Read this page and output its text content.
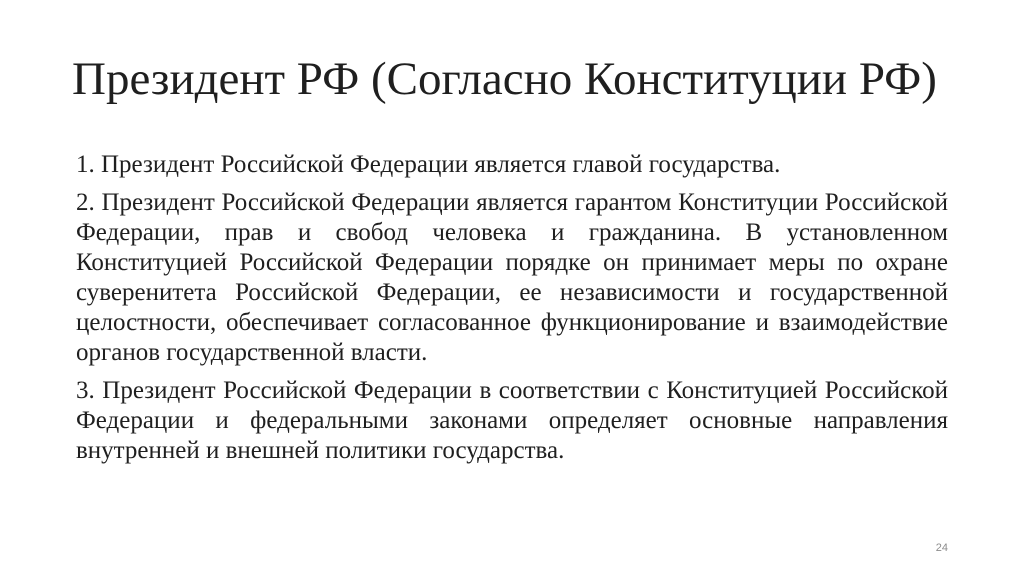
Президент РФ (Согласно Конституции РФ)

1. Президент Российской Федерации является главой государства.

2. Президент Российской Федерации является гарантом Конституции Российской Федерации, прав и свобод человека и гражданина. В установленном Конституцией Российской Федерации порядке он принимает меры по охране суверенитета Российской Федерации, ее независимости и государственной целостности, обеспечивает согласованное функционирование и взаимодействие органов государственной власти.

3. Президент Российской Федерации в соответствии с Конституцией Российской Федерации и федеральными законами определяет основные направления внутренней и внешней политики государства.

24
